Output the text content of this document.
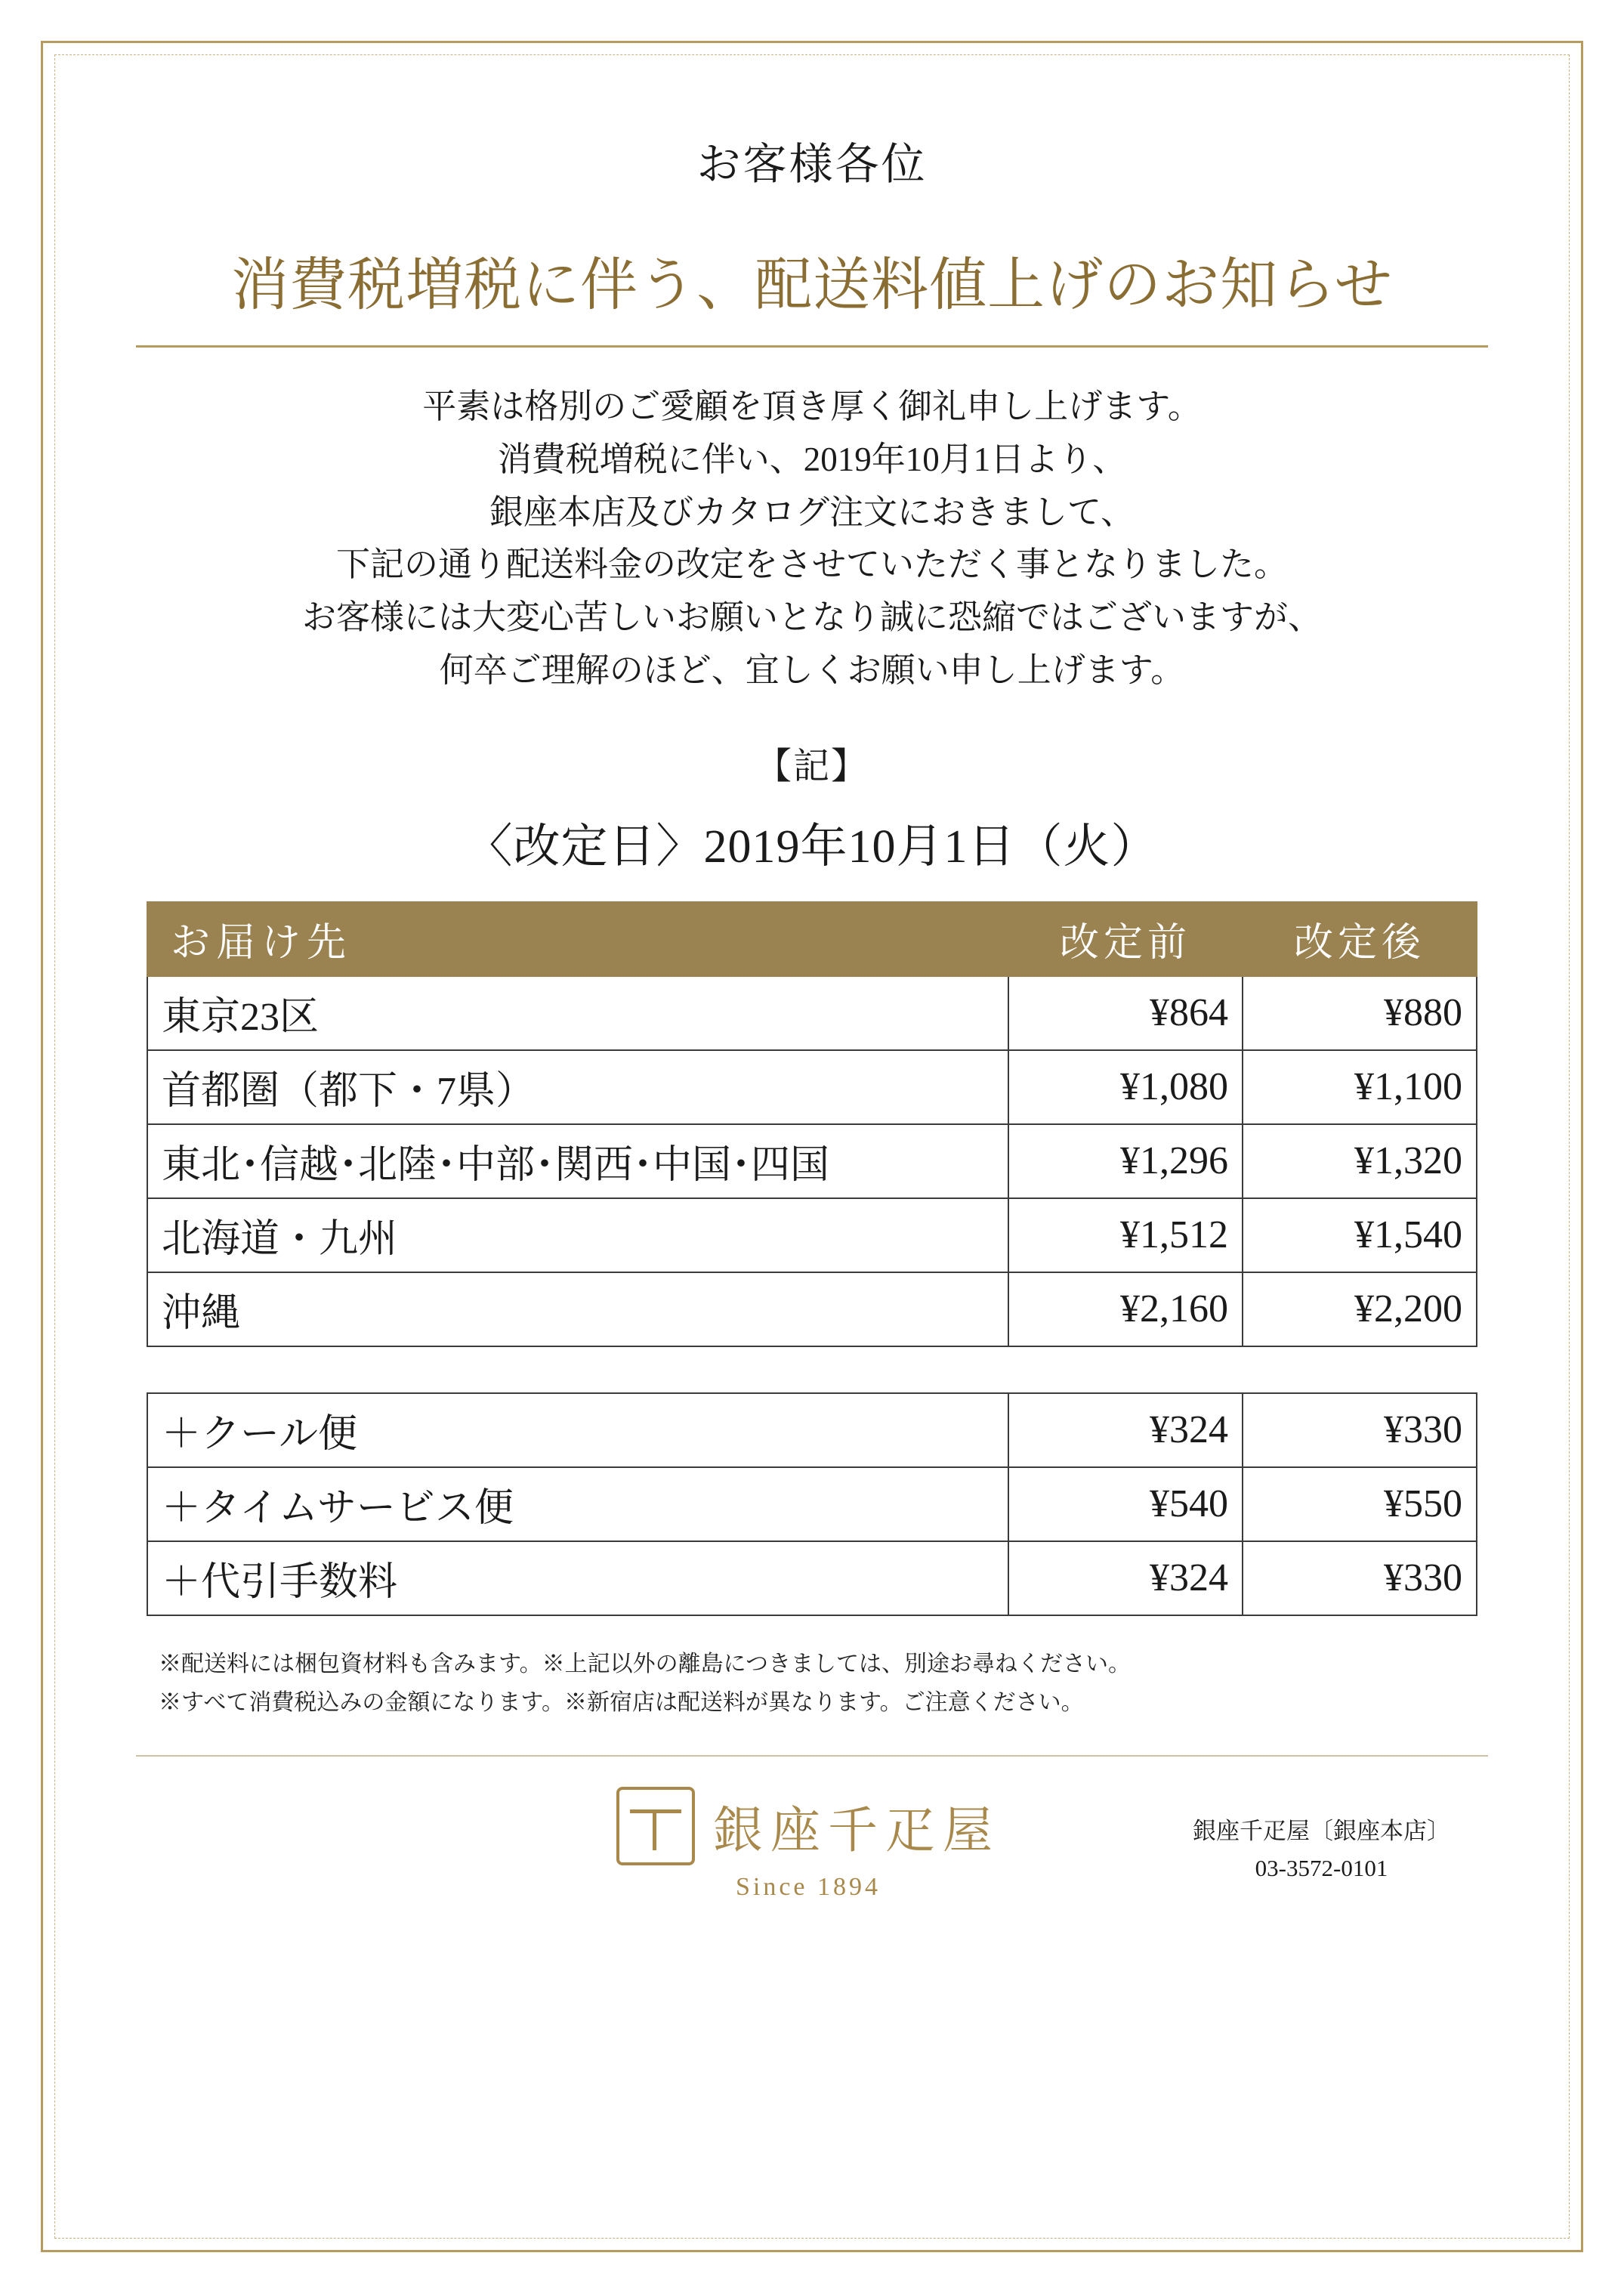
お客様各位
消費税増税に伴う、配送料値上げのお知らせ
平素は格別のご愛顧を頂き厚く御礼申し上げます。
消費税増税に伴い、2019年10月1日より、
銀座本店及びカタログ注文におきまして、
下記の通り配送料金の改定をさせていただく事となりました。
お客様には大変心苦しいお願いとなり誠に恐縮ではございますが、
何卒ご理解のほど、宜しくお願い申し上げます。
【記】
〈改定日〉2019年10月1日（火）
お届け先	改定前	改定後
東京23区	¥864	¥880
首都圏（都下・7県）	¥1,080	¥1,100
東北･信越･北陸･中部･関西･中国･四国	¥1,296	¥1,320
北海道・九州	¥1,512	¥1,540
沖縄	¥2,160	¥2,200
＋クール便	¥324	¥330
＋タイムサービス便	¥540	¥550
＋代引手数料	¥324	¥330
※配送料には梱包資材料も含みます。※上記以外の離島につきましては、別途お尋ねください。
※すべて消費税込みの金額になります。※新宿店は配送料が異なります。ご注意ください。
銀座千疋屋
Since 1894
銀座千疋屋〔銀座本店〕
03-3572-0101
